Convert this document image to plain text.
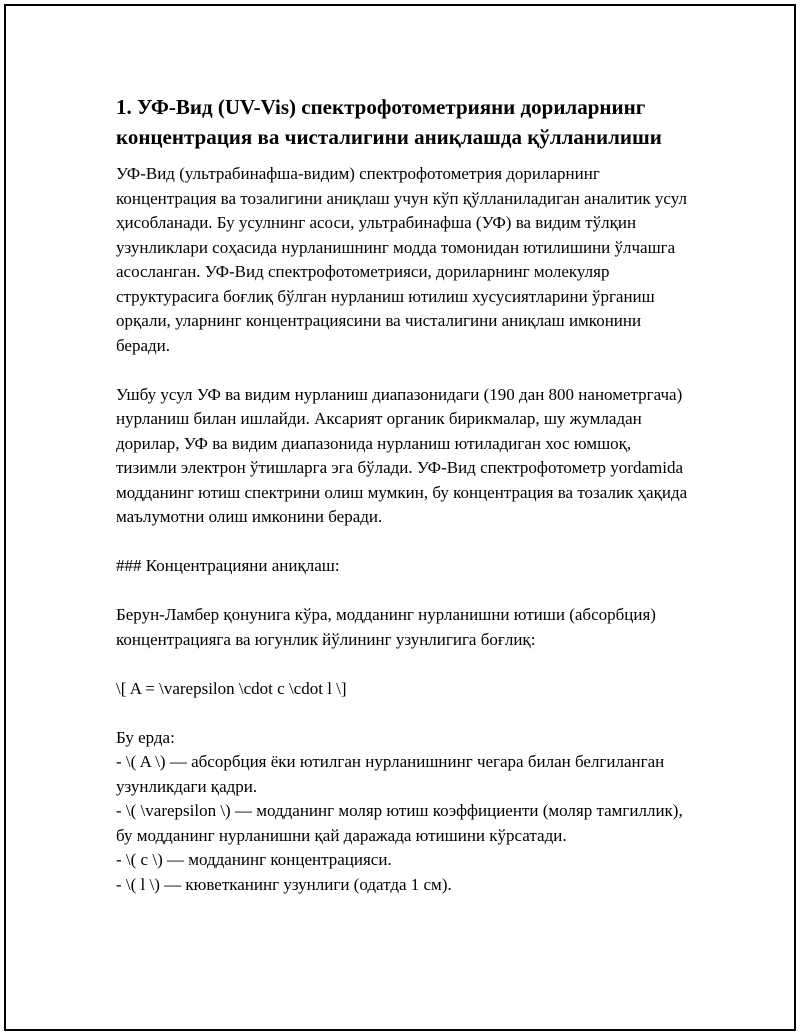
1. УФ-Вид (UV-Vis) спектрофотометрияни дориларнинг концентрация ва чисталигини аниқлашда қўлланилиши

УФ-Вид (ультрабинафша-видим) спектрофотометрия дориларнинг концентрация ва тозалигини аниқлаш учун кўп қўлланиладиган аналитик усул ҳисобланади. Бу усулнинг асоси, ультрабинафша (УФ) ва видим тўлқин узунликлари соҳасида нурланишнинг модда томонидан ютилишини ўлчашга асосланган. УФ-Вид спектрофотометрияси, дориларнинг молекуляр структурасига боғлиқ бўлган нурланиш ютилиш хусусиятларини ўрганиш орқали, уларнинг концентрациясини ва чисталигини аниқлаш имконини беради.

Ушбу усул УФ ва видим нурланиш диапазонидаги (190 дан 800 нанометргача) нурланиш билан ишлайди. Аксарият органик бирикмалар, шу жумладан дорилар, УФ ва видим диапазонида нурланиш ютиладиган хос юмшоқ, тизимли электрон ўтишларга эга бўлади. УФ-Вид спектрофотометр yordamida модданинг ютиш спектрини олиш мумкин, бу концентрация ва тозалик ҳақида маълумотни олиш имконини беради.

### Концентрацияни аниқлаш:

Берун-Ламбер қонунига кўра, модданинг нурланишни ютиши (абсорбция) концентрацияга ва югунлик йўлининг узунлигига боғлиқ:

\[ A = \varepsilon \cdot c \cdot l \]

Бу ерда:

- \( A \) — абсорбция ёки ютилган нурланишнинг чегара билан белгиланган узунликдаги қадри.

- \( \varepsilon \) — модданинг моляр ютиш коэффициенти (моляр тамгиллик), бу модданинг нурланишни қай даражада ютишини кўрсатади.

- \( c \) — модданинг концентрацияси.

- \( l \) — кюветканинг узунлиги (одатда 1 см).
